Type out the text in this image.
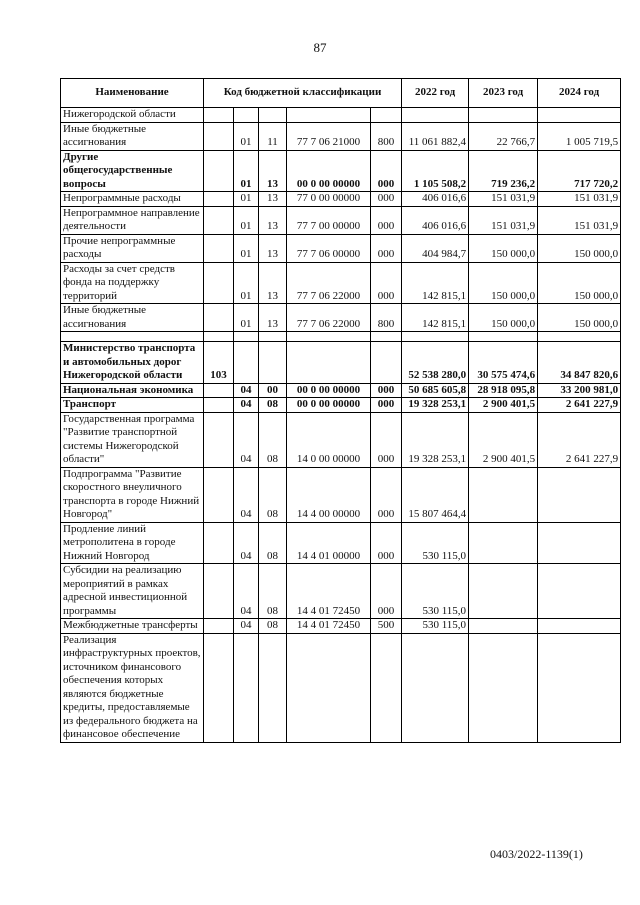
87
Наименование	Код бюджетной классификации					2022 год	2023 год	2024 год
Нижегородской области								
Иные бюджетные ассигнования		01	11	77 7 06 21000	800	11 061 882,4	22 766,7	1 005 719,5
Другие общегосударственные вопросы		01	13	00 0 00 00000	000	1 105 508,2	719 236,2	717 720,2
Непрограммные расходы		01	13	77 0 00 00000	000	406 016,6	151 031,9	151 031,9
Непрограммное направление деятельности		01	13	77 7 00 00000	000	406 016,6	151 031,9	151 031,9
Прочие непрограммные расходы		01	13	77 7 06 00000	000	404 984,7	150 000,0	150 000,0
Расходы за счет средств фонда на поддержку территорий		01	13	77 7 06 22000	000	142 815,1	150 000,0	150 000,0
Иные бюджетные ассигнования		01	13	77 7 06 22000	800	142 815,1	150 000,0	150 000,0

Министерство транспорта и автомобильных дорог Нижегородской области	103					52 538 280,0	30 575 474,6	34 847 820,6
Национальная экономика		04	00	00 0 00 00000	000	50 685 605,8	28 918 095,8	33 200 981,0
Транспорт		04	08	00 0 00 00000	000	19 328 253,1	2 900 401,5	2 641 227,9
Государственная программа "Развитие транспортной системы Нижегородской области"		04	08	14 0 00 00000	000	19 328 253,1	2 900 401,5	2 641 227,9
Подпрограмма "Развитие скоростного внеуличного транспорта в городе Нижний Новгород"		04	08	14 4 00 00000	000	15 807 464,4		
Продление линий метрополитена в городе Нижний Новгород		04	08	14 4 01 00000	000	530 115,0		
Субсидии на реализацию мероприятий в рамках адресной инвестиционной программы		04	08	14 4 01 72450	000	530 115,0		
Межбюджетные трансферты		04	08	14 4 01 72450	500	530 115,0		
Реализация инфраструктурных проектов, источником финансового обеспечения которых являются бюджетные кредиты, предоставляемые из федерального бюджета на финансовое обеспечение								
0403/2022-1139(1)
